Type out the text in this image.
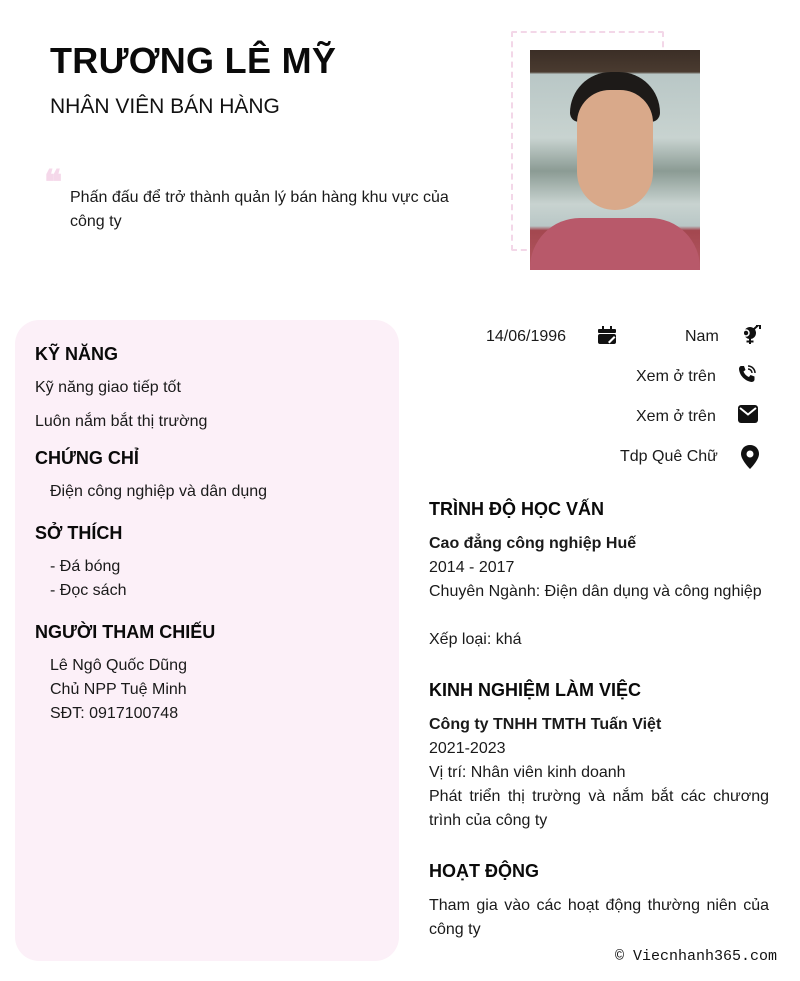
TRƯƠNG LÊ MỸ
NHÂN VIÊN BÁN HÀNG
❝ Phấn đấu để trở thành quản lý bán hàng khu vực của công ty
KỸ NĂNG
Kỹ năng giao tiếp tốt
Luôn nắm bắt thị trường
CHỨNG CHỈ
Điện công nghiệp và dân dụng
SỞ THÍCH
- Đá bóng
- Đọc sách
NGƯỜI THAM CHIẾU
Lê Ngô Quốc Dũng
Chủ NPP Tuệ Minh
SĐT: 0917100748
14/06/1996	Nam
Xem ở trên
Xem ở trên
Tdp Quê Chữ
TRÌNH ĐỘ HỌC VẤN
Cao đẳng công nghiệp Huế
2014 - 2017
Chuyên Ngành: Điện dân dụng và công nghiệp
Xếp loại: khá
KINH NGHIỆM LÀM VIỆC
Công ty TNHH TMTH Tuấn Việt
2021-2023
Vị trí: Nhân viên kinh doanh
Phát triển thị trường và nắm bắt các chương trình của công ty
HOẠT ĐỘNG
Tham gia vào các hoạt động thường niên của công ty
© Viecnhanh365.com
